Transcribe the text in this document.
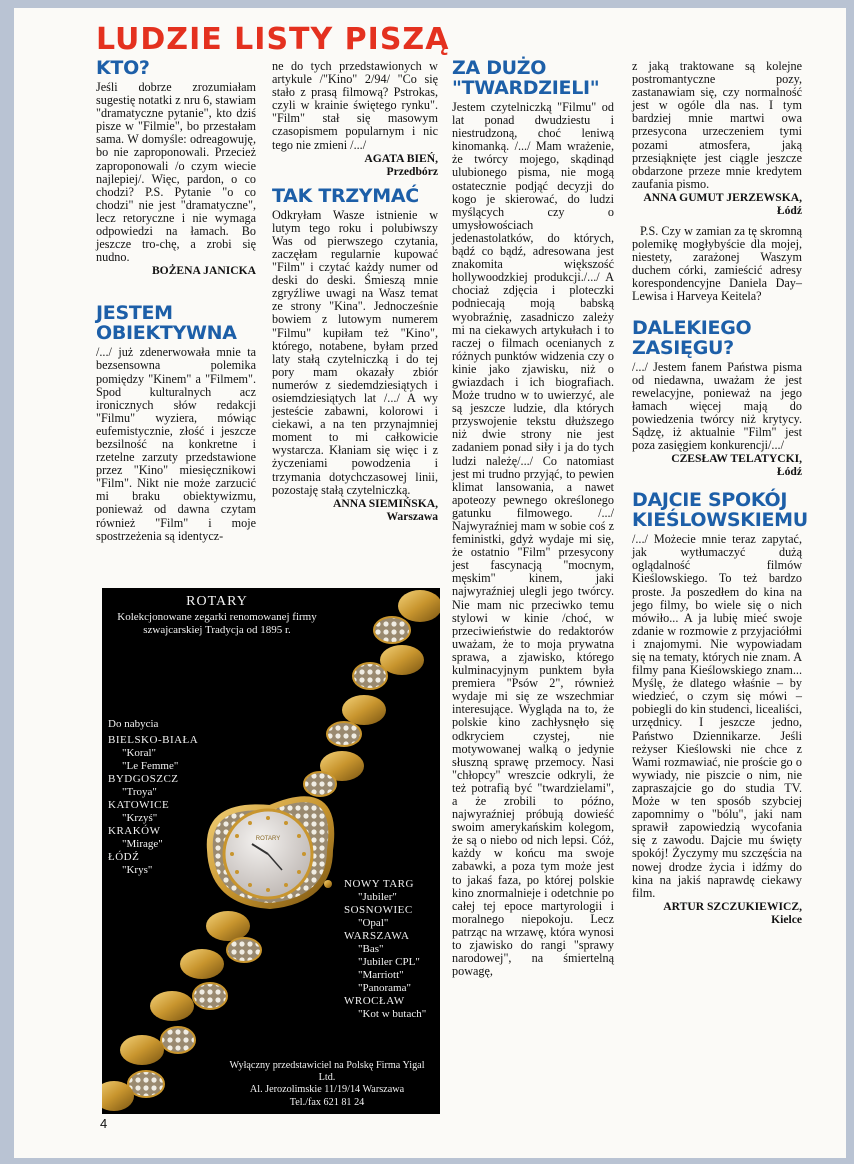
LUDZIE LISTY PISZĄ
KTO?

Jeśli dobrze zrozumiałam sugestię notatki z nru 6, stawiam "dramatyczne pytanie", kto dziś pisze w "Filmie", bo przestałam sama. W domyśle: odreagowuję, bo nie zaproponowali. Przecież zaproponowali /o czym wiecie najlepiej/. Więc, pardon, o co chodzi? P.S. Pytanie "o co chodzi" nie jest "dramatyczne", lecz retoryczne i nie wymaga odpowiedzi na łamach. Bo jeszcze tro-chę, a zrobi się nudno.

BOŻENA JANICKA
JESTEM OBIEKTYWNA

/.../ już zdenerwowała mnie ta bezsensowna polemika pomiędzy "Kinem" a "Filmem". Spod kulturalnych acz ironicznych słów redakcji "Filmu" wyziera, mówiąc eufemistycznie, złość i jeszcze bezsilność na konkretne i rzetelne zarzuty przedstawione przez "Kino" miesięcznikowi "Film". Nikt nie może zarzucić mi braku obiektywizmu, ponieważ od dawna czytam również "Film" i moje spostrzeżenia są identycz-

ne do tych przedstawionych w artykule /"Kino" 2/94/ "Co się stało z prasą filmową? Pstrokas, czyli w krainie świętego rynku". "Film" stał się masowym czasopismem popularnym i nic tego nie zmieni /.../

AGATA BIEŃ,
Przedbórz
TAK TRZYMAĆ

Odkryłam Wasze istnienie w lutym tego roku i polubiwszy Was od pierwszego czytania, zaczęłam regularnie kupować "Film" i czytać każdy numer od deski do deski. Śmieszą mnie zgryźliwe uwagi na Wasz temat ze strony "Kina". Jednocześnie bowiem z lutowym numerem "Filmu" kupiłam też "Kino", którego, notabene, byłam przed laty stałą czytelniczką i do tej pory mam okazały zbiór numerów z siedemdziesiątych i osiemdziesiątych lat /.../ A wy jesteście zabawni, kolorowi i ciekawi, a na ten przynajmniej moment to mi całkowicie wystarcza. Kłaniam się więc i z życzeniami powodzenia i trzymania dotychczasowej linii, pozostaję stałą czytelniczką.

ANNA SIEMIŃSKA,
Warszawa
ZA DUŻO "TWARDZIELI"

Jestem czytelniczką "Filmu" od lat ponad dwudziestu i niestrudzoną, choć leniwą kinomanką. /.../ Mam wrażenie, że twórcy mojego, skądinąd ulubionego pisma, nie mogą ostatecznie podjąć decyzji do kogo je skierować, do ludzi myślących czy o umysłowościach jedenastolatków, do których, bądź co bądź, adresowana jest znakomita większość hollywoodzkiej produkcji./.../ A chociaż zdjęcia i ploteczki podniecają moją babską wyobraźnię, zasadniczo zależy mi na ciekawych artykułach i to raczej o filmach ocenianych z różnych punktów widzenia czy o kinie jako zjawisku, niż o gwiazdach i ich biografiach. Może trudno w to uwierzyć, ale są jeszcze ludzie, dla których przyswojenie tekstu dłuższego niż dwie strony nie jest zadaniem ponad siły i ja do tych ludzi należę/.../ Co natomiast jest mi trudno przyjąć, to pewien klimat lansowania, a nawet apoteozy pewnego określonego gatunku filmowego. /.../ Najwyraźniej mam w sobie coś z feministki, gdyż wydaje mi się, że ostatnio "Film" przesycony jest fascynacją "mocnym, męskim" kinem, jaki najwyraźniej ulegli jego twórcy. Nie mam nic przeciwko temu stylowi w kinie /choć, w przeciwieństwie do redaktorów uważam, że to moja prywatna sprawa, a zjawisko, którego kulminacyjnym punktem była premiera "Psów 2", również wydaje mi się ze wszechmiar interesujące. Wygląda na to, że polskie kino zachłysnęło się odkryciem czystej, nie motywowanej walką o jedynie słuszną sprawę przemocy. Nasi "chłopcy" wreszcie odkryli, że też potrafią być "twardzielami", a że zrobili to późno, najwyraźniej próbują dowieść swoim amerykańskim kolegom, że są o niebo od nich lepsi. Cóż, każdy w końcu ma swoje zabawki, a poza tym może jest to jakaś faza, po której polskie kino znormalnieje i odetchnie po całej tej epoce martyrologii i moralnego niepokoju. Lecz patrząc na wrzawę, która wynosi to zjawisko do rangi "sprawy narodowej", na śmiertelną powagę,

z jaką traktowane są kolejne postromantyczne pozy, zastanawiam się, czy normalność jest w ogóle dla nas. I tym bardziej mnie martwi owa przesycona urzeczeniem tymi pozami atmosfera, jaką przesiąknięte jest ciągle jeszcze obdarzone przeze mnie kredytem zaufania pismo.

ANNA GUMUT JERZEWSKA,
Łódź

P.S. Czy w zamian za tę skromną polemikę mogłybyście dla mojej, niestety, zarażonej Waszym duchem córki, zamieścić adresy korespondencyjne Daniela Day–Lewisa i Harveya Keitela?

DALEKIEGO ZASIĘGU?

/.../ Jestem fanem Państwa pisma od niedawna, uważam że jest rewelacyjne, ponieważ na jego łamach więcej mają do powiedzenia twórcy niż krytycy. Sądzę, iż aktualnie "Film" jest poza zasięgiem konkurencji/.../

CZESŁAW TELATYCKI,
Łódź
DAJCIE SPOKÓJ KIEŚLOWSKIEMU

/.../ Możecie mnie teraz zapytać, jak wytłumaczyć dużą oglądalność filmów Kieślowskiego. To też bardzo proste. Ja poszedłem do kina na jego filmy, bo wiele się o nich mówiło... A ja lubię mieć swoje zdanie w rozmowie z przyjaciółmi i znajomymi. Nie wypowiadam się na tematy, których nie znam. A filmy pana Kieślowskiego znam... Myślę, że dlatego właśnie – by wiedzieć, o czym się mówi – pobiegli do kin studenci, licealiści, urzędnicy. I jeszcze jedno, Państwo Dziennikarze. Jeśli reżyser Kieślowski nie chce z Wami rozmawiać, nie proście go o wywiady, nie piszcie o nim, nie zapraszajcie go do studia TV. Może w ten sposób szybciej zapomnimy o "bólu", jaki nam sprawił zapowiedzią wycofania się z zawodu. Dajcie mu święty spokój! Życzymy mu szczęścia na nowej drodze życia i idźmy do kina na jakiś naprawdę ciekawy film.

ARTUR SZCZUKIEWICZ,
Kielce
ROTARY
ROTARY
Kolekcjonowane zegarki renomowanej firmy szwajcarskiej Tradycja od 1895 r.
Do nabycia
BIELSKO-BIAŁA
"Koral"
"Le Femme"
BYDGOSZCZ
"Troya"
KATOWICE
"Krzyś"
KRAKÓW
"Mirage"
ŁÓDŹ
"Krys"
NOWY TARG
"Jubiler"
SOSNOWIEC
"Opal"
WARSZAWA
"Bas"
"Jubiler CPL"
"Marriott"
"Panorama"
WROCŁAW
"Kot w butach"
Wyłączny przedstawiciel na Polskę Firma Yigal Ltd.
Al. Jerozolimskie 11/19/14 Warszawa
Tel./fax 621 81 24
4
